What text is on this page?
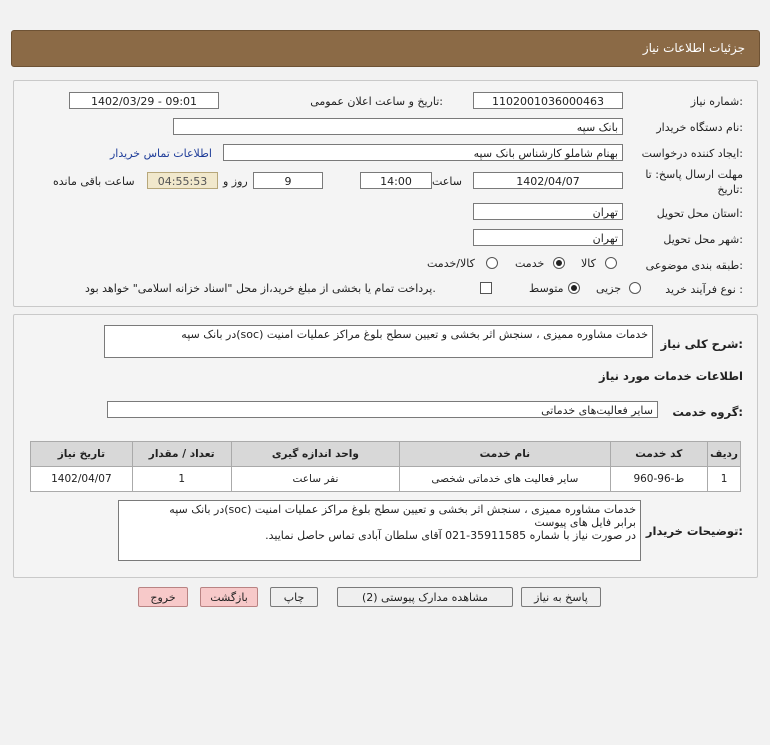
جزئیات اطلاعات نیاز
شماره نیاز:
1102001036000463
تاریخ و ساعت اعلان عمومی:
1402/03/29 - 09:01
نام دستگاه خریدار:
بانک سپه
ایجاد کننده درخواست:
بهنام شاملو کارشناس بانک سپه
اطلاعات تماس خریدار
مهلت ارسال پاسخ: تا
تاریخ:
1402/04/07
ساعت
14:00
9
روز و
04:55:53
ساعت باقی مانده
استان محل تحویل:
تهران
شهر محل تحویل:
تهران
طبقه بندی موضوعی:
کالا
خدمت
کالا/خدمت
نوع فرآیند خرید :
جزیی
متوسط
پرداخت تمام یا بخشی از مبلغ خرید،از محل "اسناد خزانه اسلامی" خواهد بود.
شرح کلی نیاز:
خدمات مشاوره ممیزی ، سنجش اثر بخشی و تعیین سطح بلوغ مراکز عملیات امنیت (soc)در بانک سپه
اطلاعات خدمات مورد نیاز
گروه خدمت:
سایر فعالیت‌های خدماتی
ردیف	کد خدمت	نام خدمت	واحد اندازه گیری	تعداد / مقدار	تاریخ نیاز
1	ط-96-960	سایر فعالیت های خدماتی شخصی	نفر ساعت	1	1402/04/07
توضیحات خریدار:
خدمات مشاوره ممیزی ، سنجش اثر بخشی و تعیین سطح بلوغ مراکز عملیات امنیت (soc)در بانک سپه
برابر فایل های پیوست
در صورت نیاز با شماره 35911585-021 آقای سلطان آبادی تماس حاصل نمایید.
پاسخ به نیاز
مشاهده مدارک پیوستی (2)
چاپ
بازگشت
خروج
